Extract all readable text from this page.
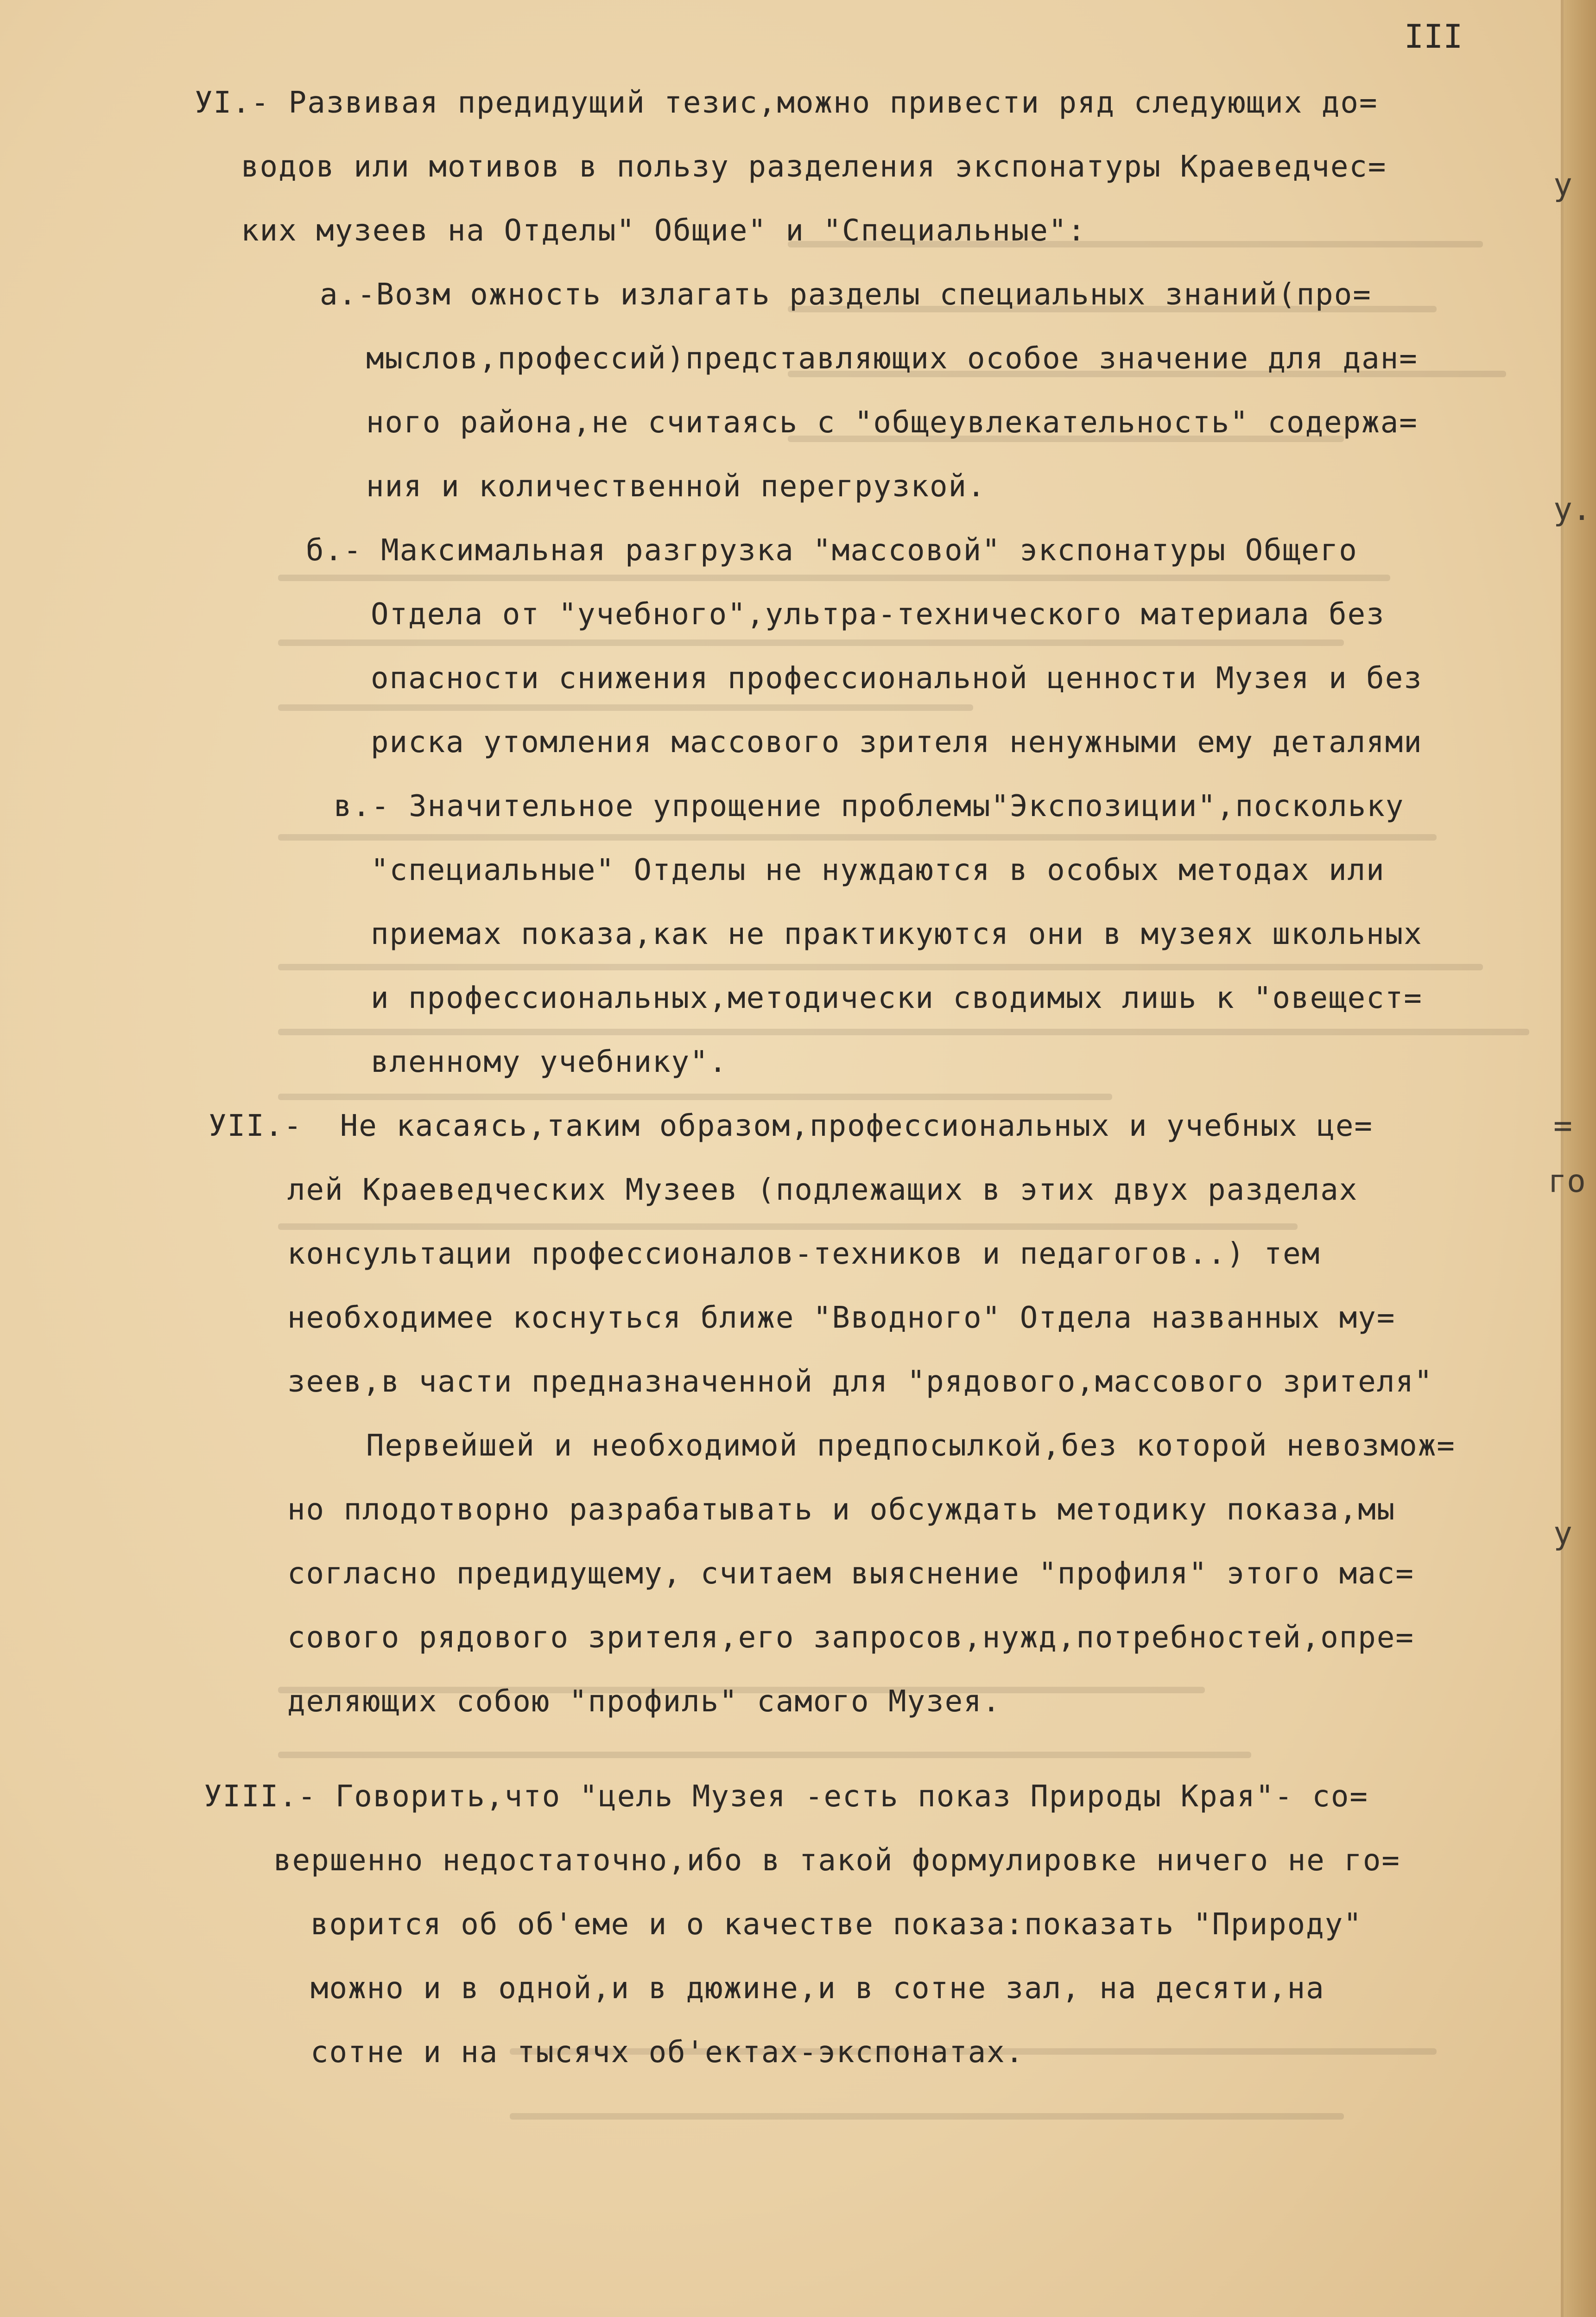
III
УI.- Развивая предидущий тезис,можно привести ряд следующих до=
водов или мотивов в пользу разделения экспонатуры Краеведчес=
ких музеев на Отделы" Общие" и "Специальные":
а.-Возм ожность излагать разделы специальных знаний(про=
мыслов,профессий)представляющих особое значение для дан=
ного района,не считаясь с "общеувлекательность" содержа=
ния и количественной перегрузкой.
б.- Максимальная разгрузка "массовой" экспонатуры Общего
Отдела от "учебного",ультра-технического материала без
опасности снижения профессиональной ценности Музея и без
риска утомления массового зрителя ненужными ему деталями
в.- Значительное упрощение проблемы"Экспозиции",поскольку
"специальные" Отделы не нуждаются в особых методах или
приемах показа,как не практикуются они в музеях школьных
и профессиональных,методически сводимых лишь к "овещест=
вленному учебнику".
УII.-  Не касаясь,таким образом,профессиональных и учебных це=
лей Краеведческих Музеев (подлежащих в этих двух разделах
консультации профессионалов-техников и педагогов..) тем
необходимее коснуться ближе "Вводного" Отдела названных му=
зеев,в части предназначенной для "рядового,массового зрителя"
Первейшей и необходимой предпосылкой,без которой невозмож=
но плодотворно разрабатывать и обсуждать методику показа,мы
согласно предидущему, считаем выяснение "профиля" этого мас=
сового рядового зрителя,его запросов,нужд,потребностей,опре=
деляющих собою "профиль" самого Музея.
УIII.- Говорить,что "цель Музея -есть показ Природы Края"- со=
вершенно недостаточно,ибо в такой формулировке ничего не го=
ворится об об'еме и о качестве показа:показать "Природу"
можно и в одной,и в дюжине,и в сотне зал, на десяти,на
сотне и на тысячх об'ектах-экспонатах.
у
у.
=
го
у
